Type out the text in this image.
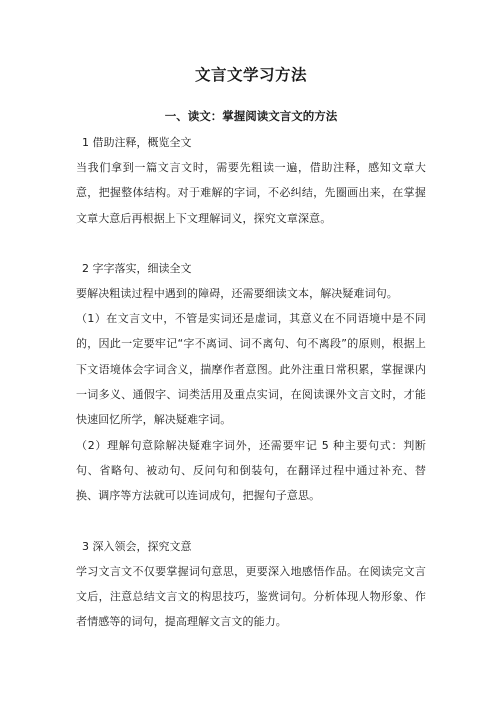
文言文学习方法
一、读文：掌握阅读文言文的方法
1 借助注释，概览全文

当我们拿到一篇文言文时，需要先粗读一遍，借助注释，感知文章大意，把握整体结构。对于难解的字词，不必纠结，先圈画出来，在掌握文章大意后再根据上下文理解词义，探究文章深意。

2 字字落实，细读全文

要解决粗读过程中遇到的障碍，还需要细读文本，解决疑难词句。

（1）在文言文中，不管是实词还是虚词，其意义在不同语境中是不同的，因此一定要牢记“字不离词、词不离句、句不离段”的原则，根据上下文语境体会字词含义，揣摩作者意图。此外注重日常积累，掌握课内一词多义、通假字、词类活用及重点实词，在阅读课外文言文时，才能快速回忆所学，解决疑难字词。

（2）理解句意除解决疑难字词外，还需要牢记 5 种主要句式：判断句、省略句、被动句、反问句和倒装句，在翻译过程中通过补充、替换、调序等方法就可以连词成句，把握句子意思。

3 深入领会，探究文意

学习文言文不仅要掌握词句意思，更要深入地感悟作品。在阅读完文言文后，注意总结文言文的构思技巧，鉴赏词句。分析体现人物形象、作者情感等的词句，提高理解文言文的能力。
